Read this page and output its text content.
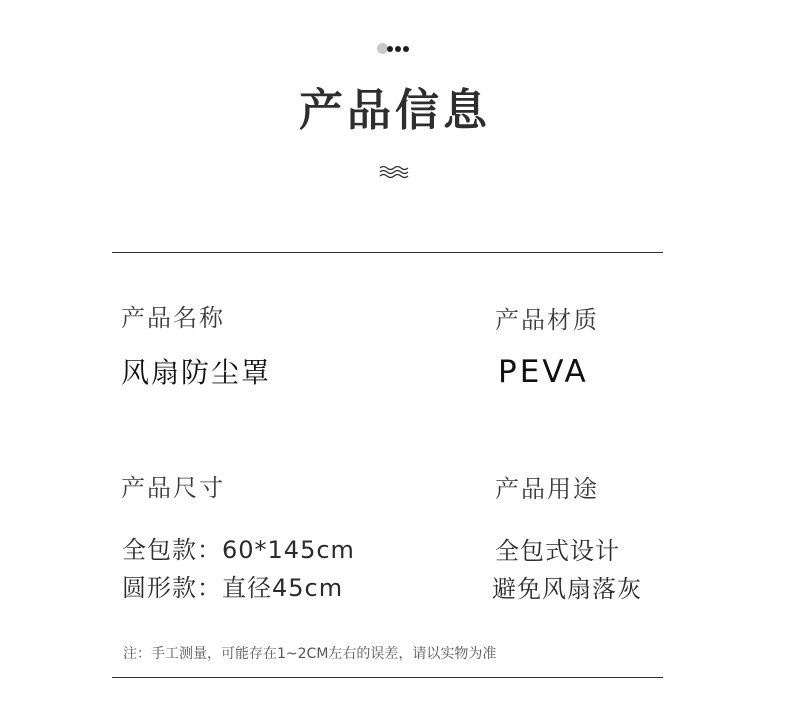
产品信息
产品名称
风扇防尘罩
产品材质
PEVA
产品尺寸
全包款：60*145cm
圆形款：直径45cm
产品用途
全包式设计
避免风扇落灰
注：手工测量，可能存在1~2CM左右的误差，请以实物为准
